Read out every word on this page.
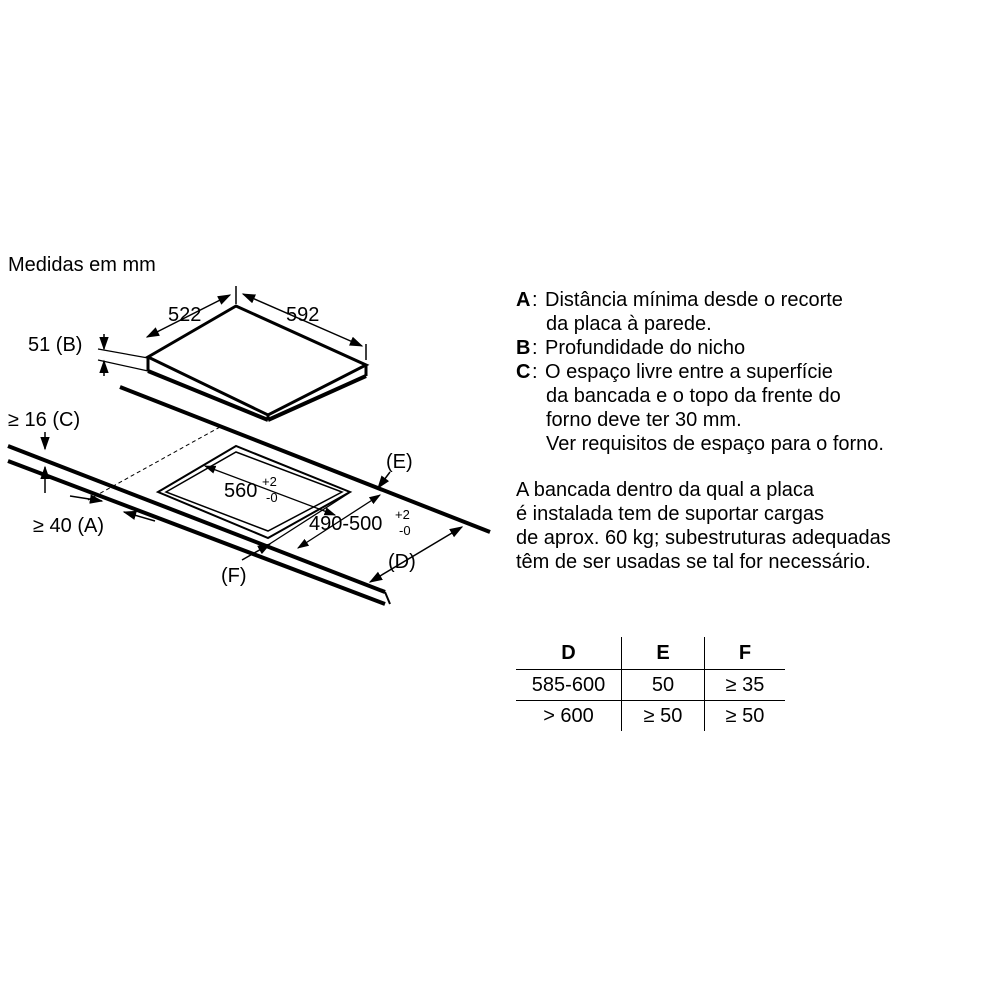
Medidas em mm
522	592
51 (B)
560 +2
-0
490-500 +2
-0
(E)
(D)
(F)
≥ 16 (C)
≥ 40 (A)
A : Distância mínima desde o recorte
da placa à parede.
B : Profundidade do nicho
C : O espaço livre entre a superfície
da bancada e o topo da frente do
forno deve ter 30 mm.
Ver requisitos de espaço para o forno.
A bancada dentro da qual a placa
é instalada tem de suportar cargas
de aprox. 60 kg; subestruturas adequadas
têm de ser usadas se tal for necessário.
D	E	F
585-600	50	≥ 35
> 600	≥ 50	≥ 50
